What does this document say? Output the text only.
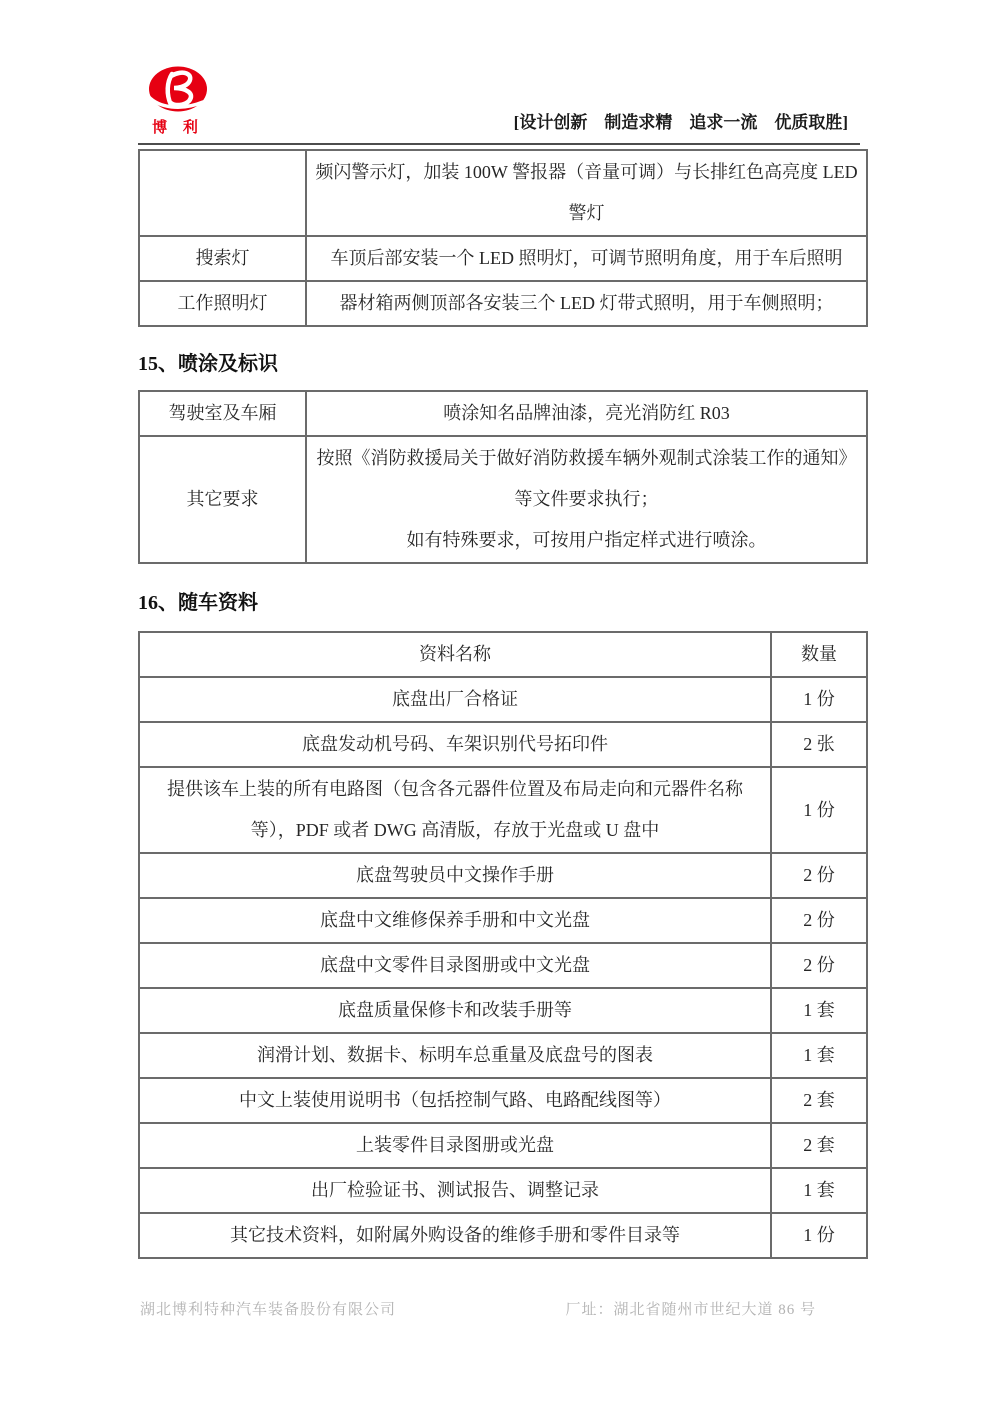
博 利	[设计创新　制造求精　追求一流　优质取胜]
	频闪警示灯，加装 100W 警报器（音量可调）与长排红色高亮度 LED 警灯
搜索灯	车顶后部安装一个 LED 照明灯，可调节照明角度，用于车后照明
工作照明灯	器材箱两侧顶部各安装三个 LED 灯带式照明，用于车侧照明；
15、喷涂及标识
驾驶室及车厢	喷涂知名品牌油漆，亮光消防红 R03
其它要求	按照《消防救援局关于做好消防救援车辆外观制式涂装工作的通知》等文件要求执行；
如有特殊要求，可按用户指定样式进行喷涂。
16、随车资料
资料名称	数量
底盘出厂合格证	1 份
底盘发动机号码、车架识别代号拓印件	2 张
提供该车上装的所有电路图（包含各元器件位置及布局走向和元器件名称等），PDF 或者 DWG 高清版，存放于光盘或 U 盘中	1 份
底盘驾驶员中文操作手册	2 份
底盘中文维修保养手册和中文光盘	2 份
底盘中文零件目录图册或中文光盘	2 份
底盘质量保修卡和改装手册等	1 套
润滑计划、数据卡、标明车总重量及底盘号的图表	1 套
中文上装使用说明书（包括控制气路、电路配线图等）	2 套
上装零件目录图册或光盘	2 套
出厂检验证书、测试报告、调整记录	1 套
其它技术资料，如附属外购设备的维修手册和零件目录等	1 份
湖北博利特种汽车装备股份有限公司	厂址：湖北省随州市世纪大道 86 号
